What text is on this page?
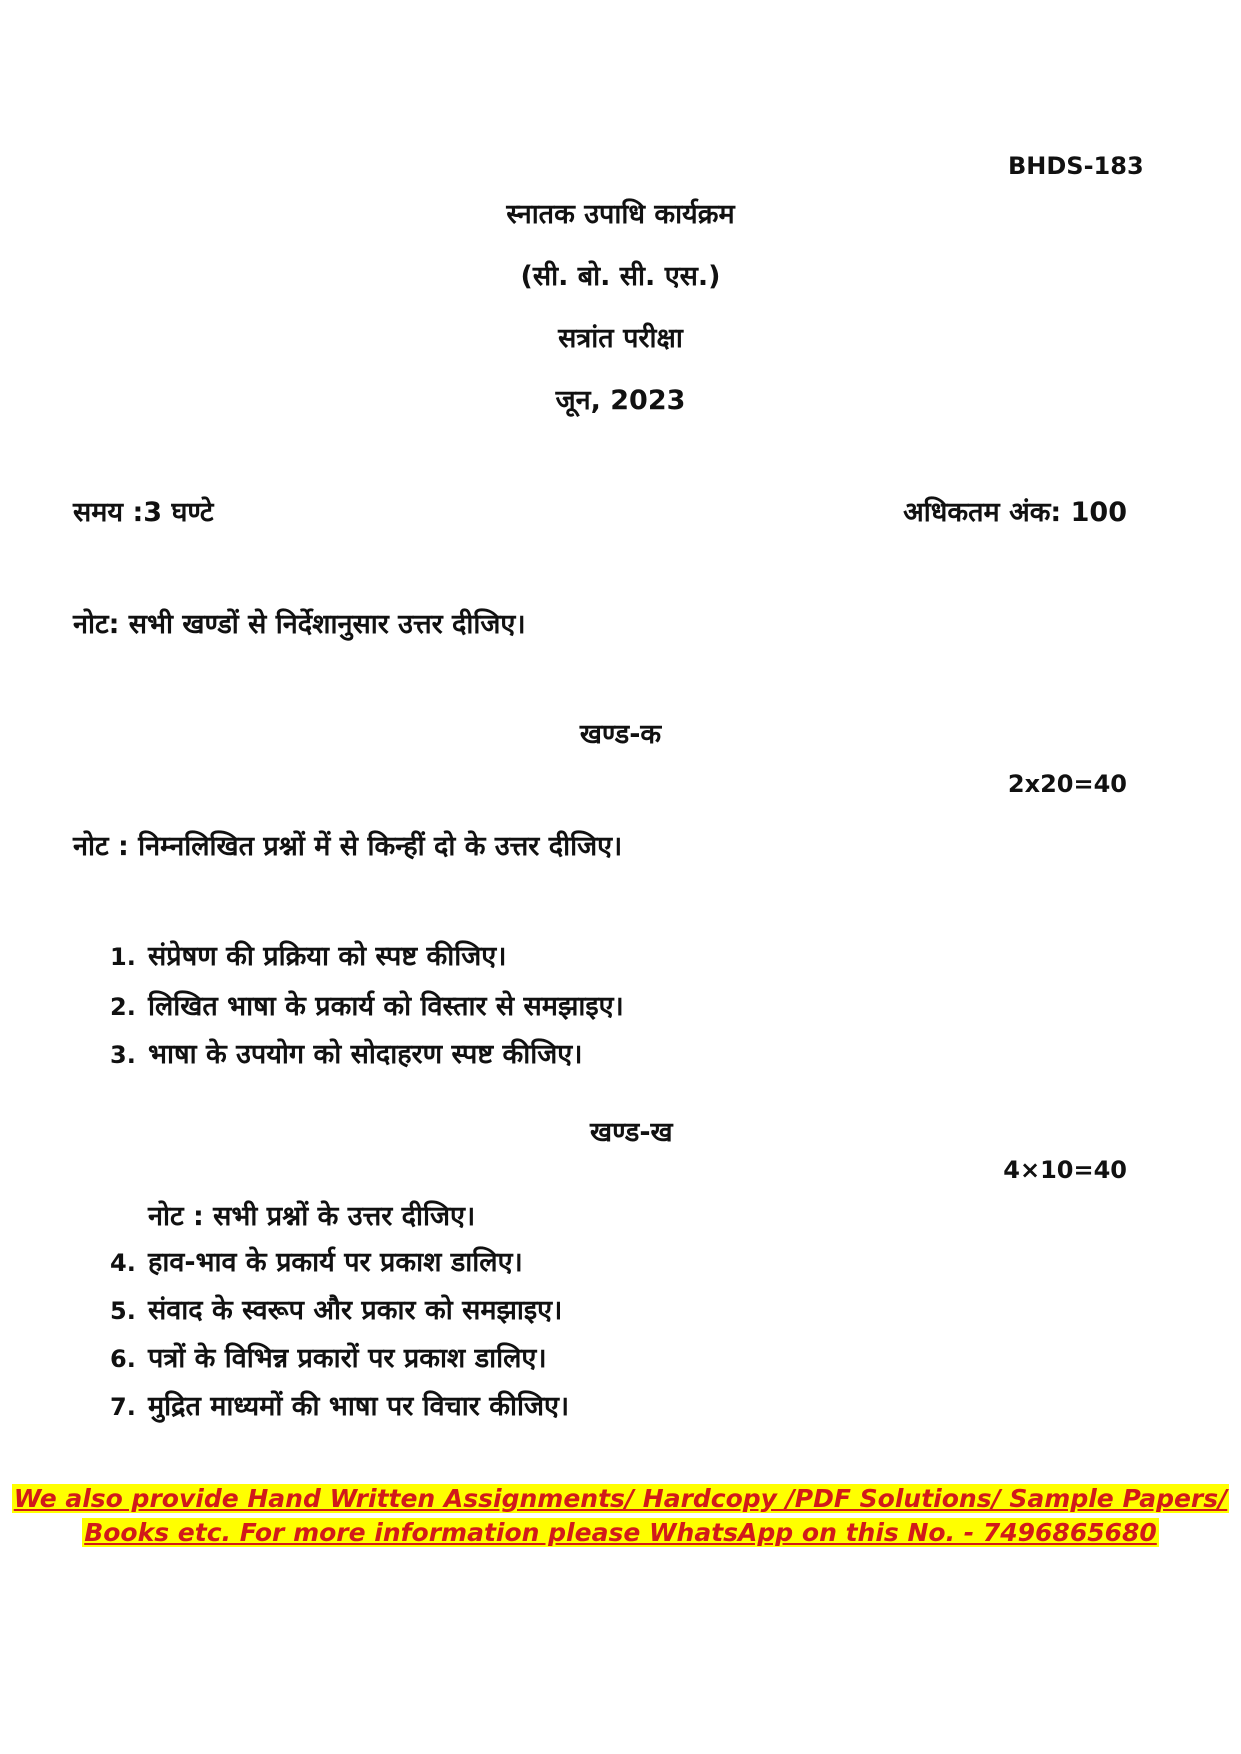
BHDS-183
स्नातक उपाधि कार्यक्रम
(सी. बो. सी. एस.)
सत्रांत परीक्षा
जून, 2023
समय :3 घण्टे	अधिकतम अंक: 100
नोट: सभी खण्डों से निर्देशानुसार उत्तर दीजिए।
खण्ड-क
2x20=40
नोट : निम्नलिखित प्रश्नों में से किन्हीं दो के उत्तर दीजिए।
1. संप्रेषण की प्रक्रिया को स्पष्ट कीजिए।
2. लिखित भाषा के प्रकार्य को विस्तार से समझाइए।
3. भाषा के उपयोग को सोदाहरण स्पष्ट कीजिए।
खण्ड-ख
4×10=40
नोट : सभी प्रश्नों के उत्तर दीजिए।
4. हाव-भाव के प्रकार्य पर प्रकाश डालिए।
5. संवाद के स्वरूप और प्रकार को समझाइए।
6. पत्रों के विभिन्न प्रकारों पर प्रकाश डालिए।
7. मुद्रित माध्यमों की भाषा पर विचार कीजिए।
We also provide Hand Written Assignments/ Hardcopy /PDF Solutions/ Sample Papers/
Books etc. For more information please WhatsApp on this No. - 7496865680
